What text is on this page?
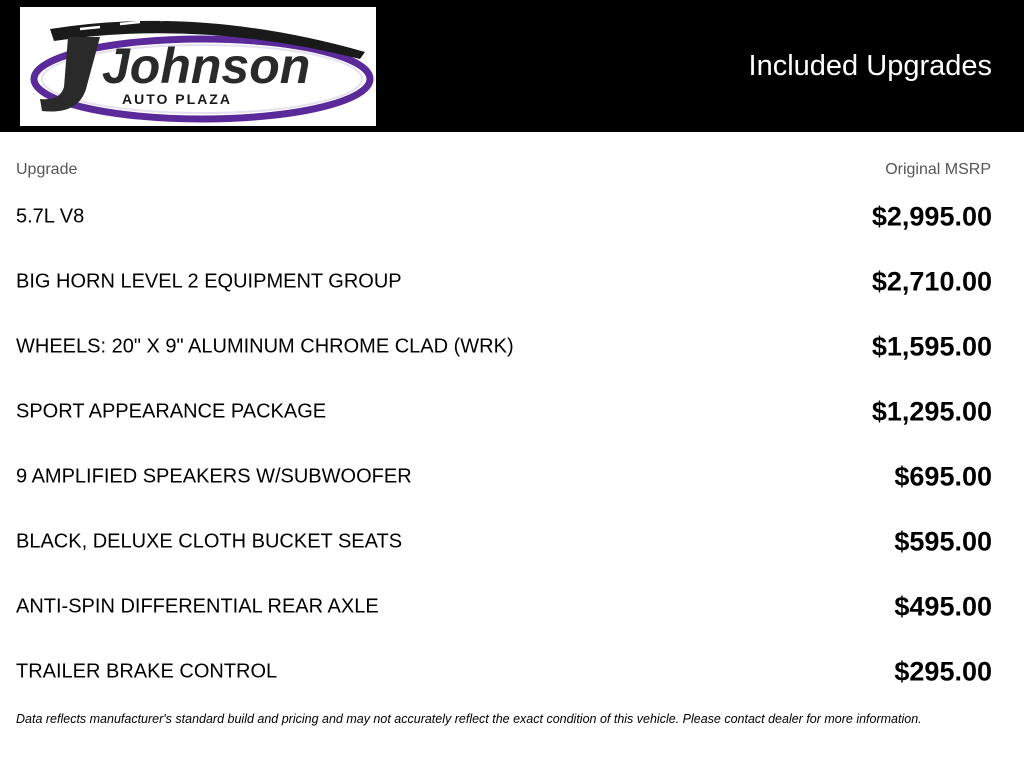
Johnson
AUTO PLAZA
Included Upgrades
Upgrade	Original MSRP
5.7L V8	$2,995.00
BIG HORN LEVEL 2 EQUIPMENT GROUP	$2,710.00
WHEELS: 20" X 9" ALUMINUM CHROME CLAD (WRK)	$1,595.00
SPORT APPEARANCE PACKAGE	$1,295.00
9 AMPLIFIED SPEAKERS W/SUBWOOFER	$695.00
BLACK, DELUXE CLOTH BUCKET SEATS	$595.00
ANTI-SPIN DIFFERENTIAL REAR AXLE	$495.00
TRAILER BRAKE CONTROL	$295.00
Data reflects manufacturer's standard build and pricing and may not accurately reflect the exact condition of this vehicle. Please contact dealer for more information.
